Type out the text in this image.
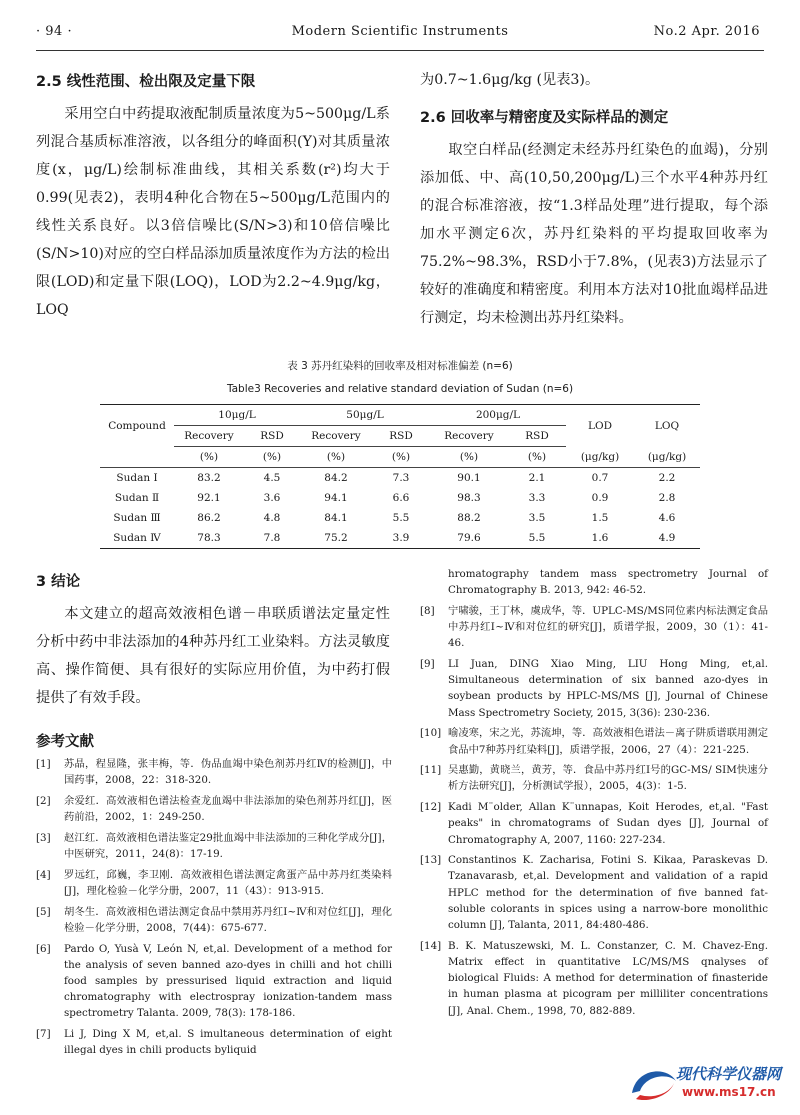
· 94 ·	Modern Scientific Instruments	No.2 Apr. 2016
2.5 线性范围、检出限及定量下限
采用空白中药提取液配制质量浓度为5~500μg/L系列混合基质标准溶液，以各组分的峰面积(Y)对其质量浓度(x，μg/L)绘制标准曲线，其相关系数(r²)均大于0.99(见表2)，表明4种化合物在5~500μg/L范围内的线性关系良好。以3倍信噪比(S/N>3)和10倍信噪比(S/N>10)对应的空白样品添加质量浓度作为方法的检出限(LOD)和定量下限(LOQ)，LOD为2.2~4.9μg/kg，LOQ
为0.7~1.6μg/kg (见表3)。
2.6 回收率与精密度及实际样品的测定
取空白样品(经测定未经苏丹红染色的血竭)，分别添加低、中、高(10,50,200μg/L)三个水平4种苏丹红的混合标准溶液，按“1.3样品处理”进行提取，每个添加水平测定6次，苏丹红染料的平均提取回收率为75.2%~98.3%，RSD小于7.8%，(见表3)方法显示了较好的准确度和精密度。利用本方法对10批血竭样品进行测定，均未检测出苏丹红染料。
表 3 苏丹红染料的回收率及相对标准偏差 (n=6)
Table3 Recoveries and relative standard deviation of Sudan (n=6)
Compound	10μg/L		50μg/L		200μg/L		LOD	LOQ
	Recovery	RSD	Recovery	RSD	Recovery	RSD		
	(%)	(%)	(%)	(%)	(%)	(%)	(μg/kg)	(μg/kg)
Sudan Ⅰ	83.2	4.5	84.2	7.3	90.1	2.1	0.7	2.2
Sudan Ⅱ	92.1	3.6	94.1	6.6	98.3	3.3	0.9	2.8
Sudan Ⅲ	86.2	4.8	84.1	5.5	88.2	3.5	1.5	4.6
Sudan Ⅳ	78.3	7.8	75.2	3.9	79.6	5.5	1.6	4.9
3 结论
本文建立的超高效液相色谱－串联质谱法定量定性分析中药中非法添加的4种苏丹红工业染料。方法灵敏度高、操作简便、具有很好的实际应用价值，为中药打假提供了有效手段。
参考文献
[1]	苏晶，程显隆，张丰梅，等．伪品血竭中染色剂苏丹红Ⅳ的检测[J]，中国药事，2008，22：318-320.
[2]	余爱红．高效液相色谱法检查龙血竭中非法添加的染色剂苏丹红[J]，医药前沿，2002，1：249-250.
[3]	赵江红．高效液相色谱法鉴定29批血竭中非法添加的三种化学成分[J]，中医研究，2011，24(8)：17-19.
[4]	罗远红，邱巍，李卫刚．高效液相色谱法测定禽蛋产品中苏丹红类染料[J]，理化检验－化学分册，2007，11（43）：913-915.
[5]	胡冬生．高效液相色谱法测定食品中禁用苏丹红Ⅰ~Ⅳ和对位红[J]，理化检验－化学分册，2008，7(44)：675-677.
[6]	Pardo O, Yusà V, León N, et,al. Development of a method for the analysis of seven banned azo-dyes in chilli and hot chilli food samples by pressurised liquid extraction and liquid chromatography with electrospray ionization-tandem mass spectrometry Talanta. 2009, 78(3): 178-186.
[7]	Li J, Ding X M, et,al. S imultaneous determination of eight illegal dyes in chili products byliquid
hromatography tandem mass spectrometry Journal of Chromatography B. 2013, 942: 46-52.
[8]	宁啸骏，王丁林，虞成华，等．UPLC-MS/MS同位素内标法测定食品中苏丹红Ⅰ~Ⅳ和对位红的研究[J]，质谱学报，2009，30（1）：41-46.
[9]	LI Juan, DING Xiao Ming, LIU Hong Ming, et,al. Simultaneous determination of six banned azo-dyes in soybean products by HPLC-MS/MS [J], Journal of Chinese Mass Spectrometry Society, 2015, 3(36): 230-236.
[10] 喻凌寒，宋之光，苏流坤，等．高效液相色谱法－离子阱质谱联用测定食品中7种苏丹红染料[J]，质谱学报，2006，27（4）：221-225.
[11] 吴惠勤，黄晓兰，黄芳，等．食品中苏丹红Ⅰ号的GC-MS/ SIM快速分析方法研究[J]，分析测试学报），2005，4(3)：1-5.
[12] Kadi M¨older, Allan K¨unnapas, Koit Herodes, et,al. "Fast peaks" in chromatograms of Sudan dyes [J], Journal of Chromatography A, 2007, 1160: 227-234.
[13] Constantinos K. Zacharisa, Fotini S. Kikaa, Paraskevas D. Tzanavarasb, et,al. Development and validation of a rapid HPLC method for the determination of five banned fat-soluble colorants in spices using a narrow-bore monolithic column [J], Talanta, 2011, 84:480-486.
[14] B. K. Matuszewski, M. L. Constanzer, C. M. Chavez-Eng. Matrix effect in quantitative LC/MS/MS qnalyses of biological Fluids: A method for determination of finasteride in human plasma at picogram per milliliter concentrations [J], Anal. Chem., 1998, 70, 882-889.
现代科学仪器网
www.ms17.cn
